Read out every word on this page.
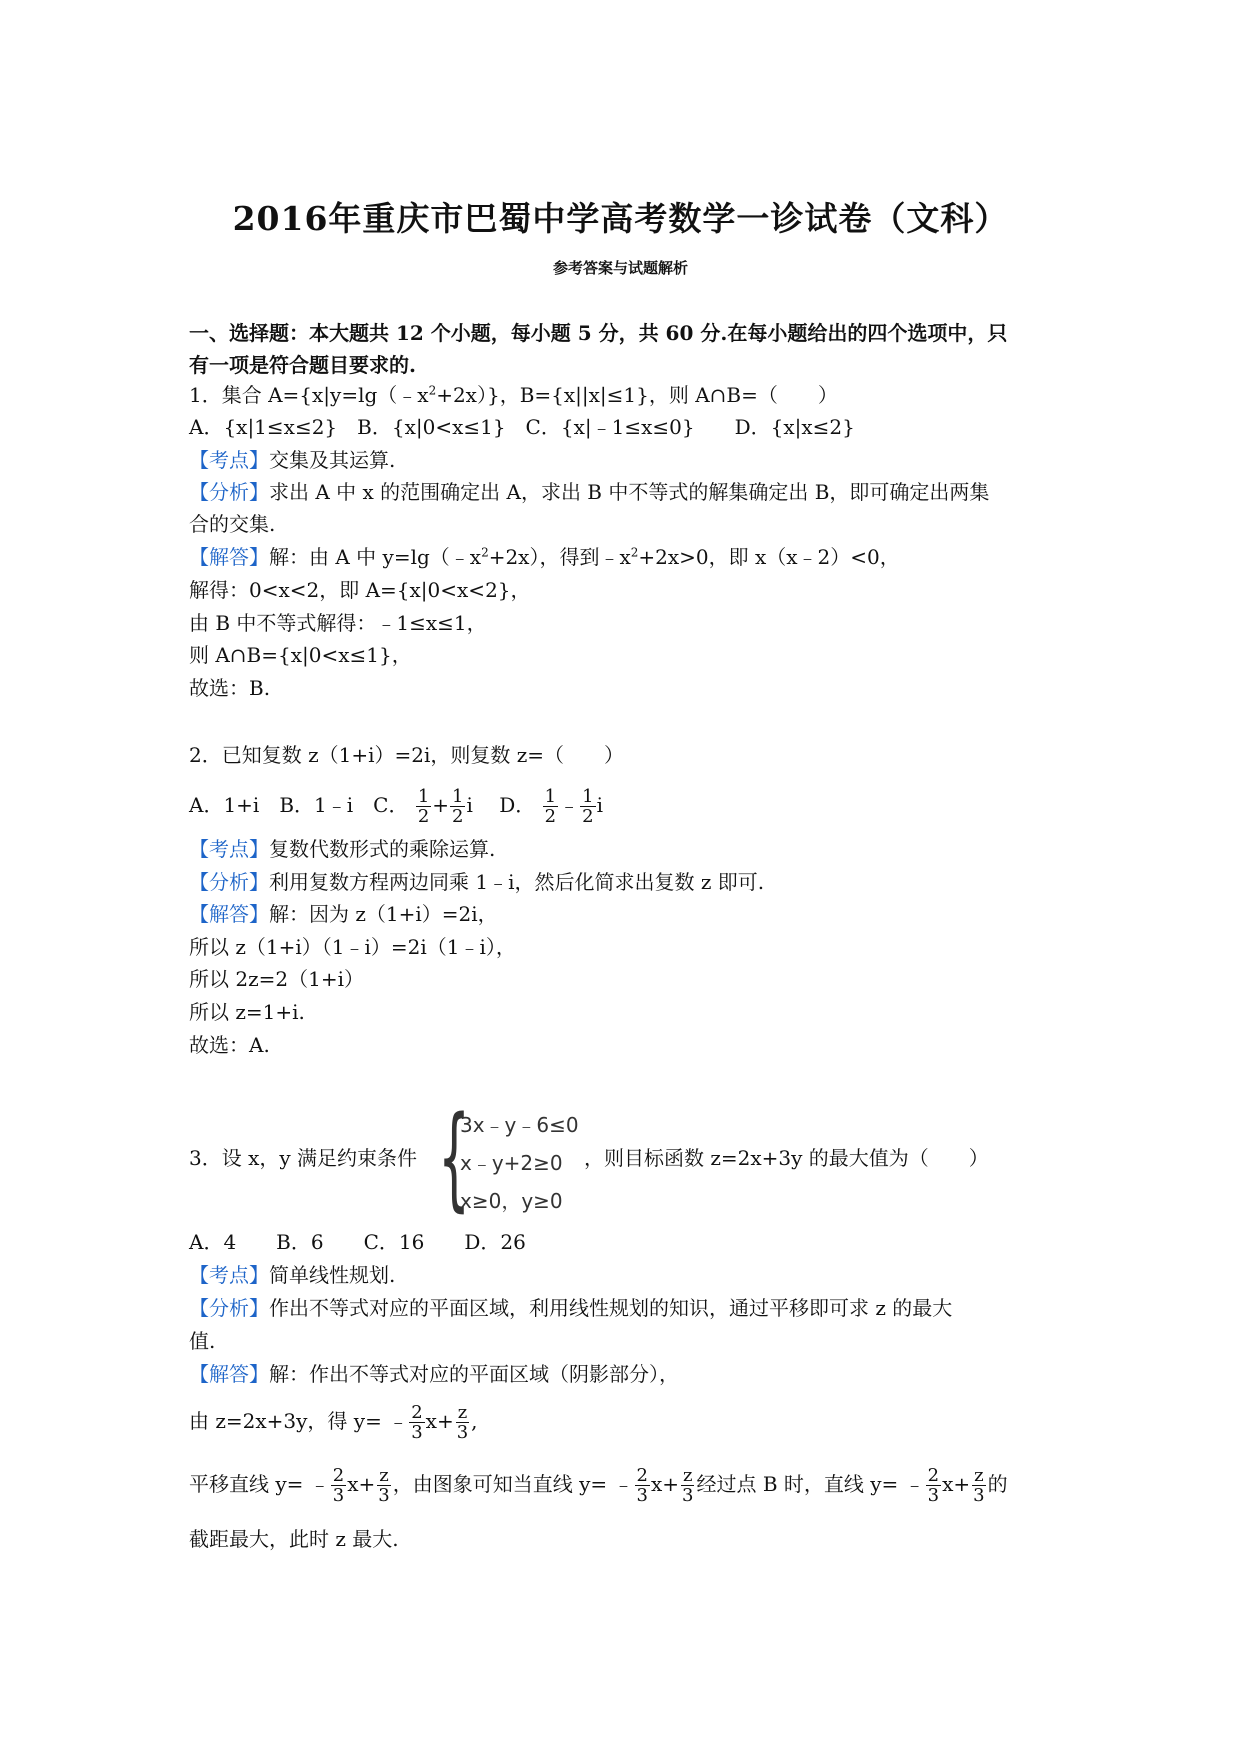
2016年重庆市巴蜀中学高考数学一诊试卷（文科）
参考答案与试题解析
一、选择题：本大题共 12 个小题，每小题 5 分，共 60 分.在每小题给出的四个选项中，只
有一项是符合题目要求的.
1．集合 $A=\{x|y=\lg(﹣x^2+2x)\}$，B={x||x|≤1}，则 A∩B=（　　）
A．{x|1≤x≤2}　B．{x|0<x≤1}　C．{x|﹣1≤x≤0}　　D．{x|x≤2}
【考点】交集及其运算.
【分析】求出 A 中 x 的范围确定出 A，求出 B 中不等式的解集确定出 B，即可确定出两集
合的交集.
【解答】解：由 A 中 $y=\lg(﹣x^2+2x)$，得到$﹣x^2+2x>0$，即 x（x﹣2）<0，
解得：0<x<2，即 A={x|0<x<2}，
由 B 中不等式解得：﹣1≤x≤1，
则 A∩B={x|0<x≤1}，
故选：B.
2．已知复数 z（1+i）=2i，则复数 z=（　　）
A．1+i　B．1﹣i　C． $\frac{1}{2} + \frac{1}{2}$ i 　D． $\frac{1}{2}$ ﹣ $\frac{1}{2}$ i
【考点】复数代数形式的乘除运算.
【分析】利用复数方程两边同乘 1﹣i，然后化简求出复数 z 即可.
【解答】解：因为 z（1+i）=2i，
所以 z（1+i）（1﹣i）=2i（1﹣i），
所以 2z=2（1+i）
所以 z=1+i.
故选：A.
3．设 x，y 满足约束条件 {
3x﹣y﹣6≤0
x﹣y+2≥0
x≥0，y≥0
，则目标函数 z=2x+3y 的最大值为（　　）
A．4　　B．6　　C．16　　D．26
【考点】简单线性规划.
【分析】作出不等式对应的平面区域，利用线性规划的知识，通过平移即可求 z 的最大
值.
【解答】解：作出不等式对应的平面区域（阴影部分），
由 z=2x+3y，得 y= ﹣ $\frac{2}{3} x+ \frac{z}{3}$ ,
平移直线 y= ﹣ $\frac{2}{3} x+ \frac{z}{3}$ ，由图象可知当直线 y= ﹣ $\frac{2}{3} x+ \frac{z}{3}$ 经过点 B 时，直线 y= ﹣ $\frac{2}{3} x+ \frac{z}{3}$ 的
截距最大，此时 z 最大.
